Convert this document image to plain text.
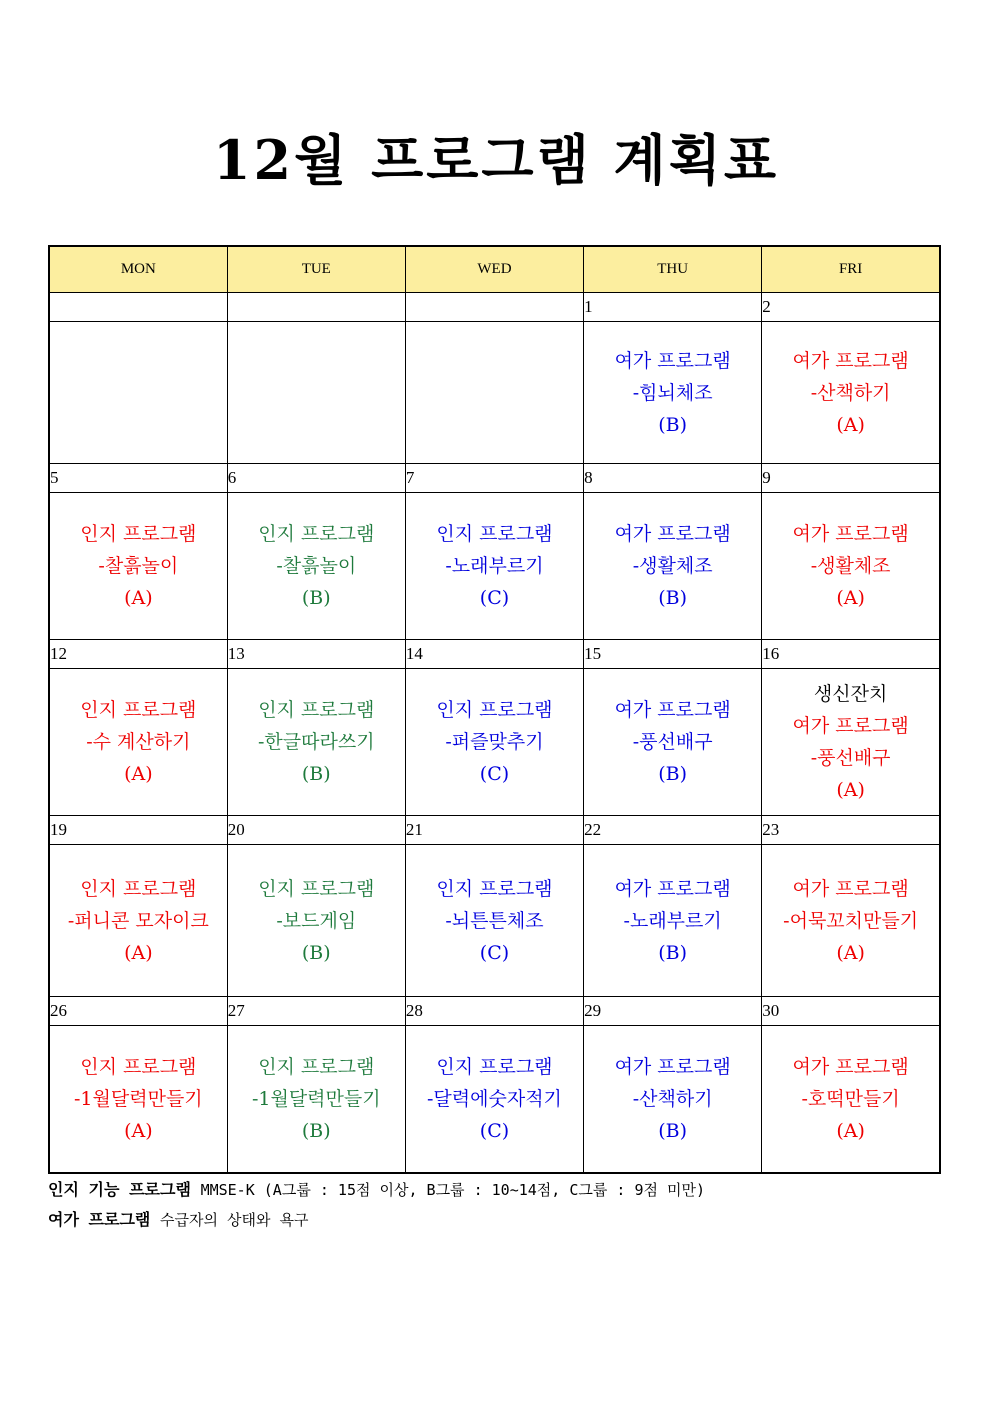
12월 프로그램 계획표
MON	TUE	WED	THU	FRI
			1	2

			여가 프로그램
-힘뇌체조
(B)	여가 프로그램
-산책하기
(A)

5	6	7	8	9

인지 프로그램
-찰흙놀이
(A)	인지 프로그램
-찰흙놀이
(B)	인지 프로그램
-노래부르기
(C)	여가 프로그램
-생활체조
(B)	여가 프로그램
-생활체조
(A)

12	13	14	15	16

인지 프로그램
-수 계산하기
(A)	인지 프로그램
-한글따라쓰기
(B)	인지 프로그램
-퍼즐맞추기
(C)	여가 프로그램
-풍선배구
(B)	생신잔치
여가 프로그램
-풍선배구
(A)

19	20	21	22	23

인지 프로그램
-퍼니콘 모자이크
(A)	인지 프로그램
-보드게임
(B)	인지 프로그램
-뇌튼튼체조
(C)	여가 프로그램
-노래부르기
(B)	여가 프로그램
-어묵꼬치만들기
(A)

26	27	28	29	30

인지 프로그램
-1월달력만들기
(A)	인지 프로그램
-1월달력만들기
(B)	인지 프로그램
-달력에숫자적기
(C)	여가 프로그램
-산책하기
(B)	여가 프로그램
-호떡만들기
(A)
인지 기능 프로그램 MMSE-K (A그룹 : 15점 이상, B그룹 : 10~14점, C그룹 : 9점 미만)
여가 프로그램 수급자의 상태와 욕구
